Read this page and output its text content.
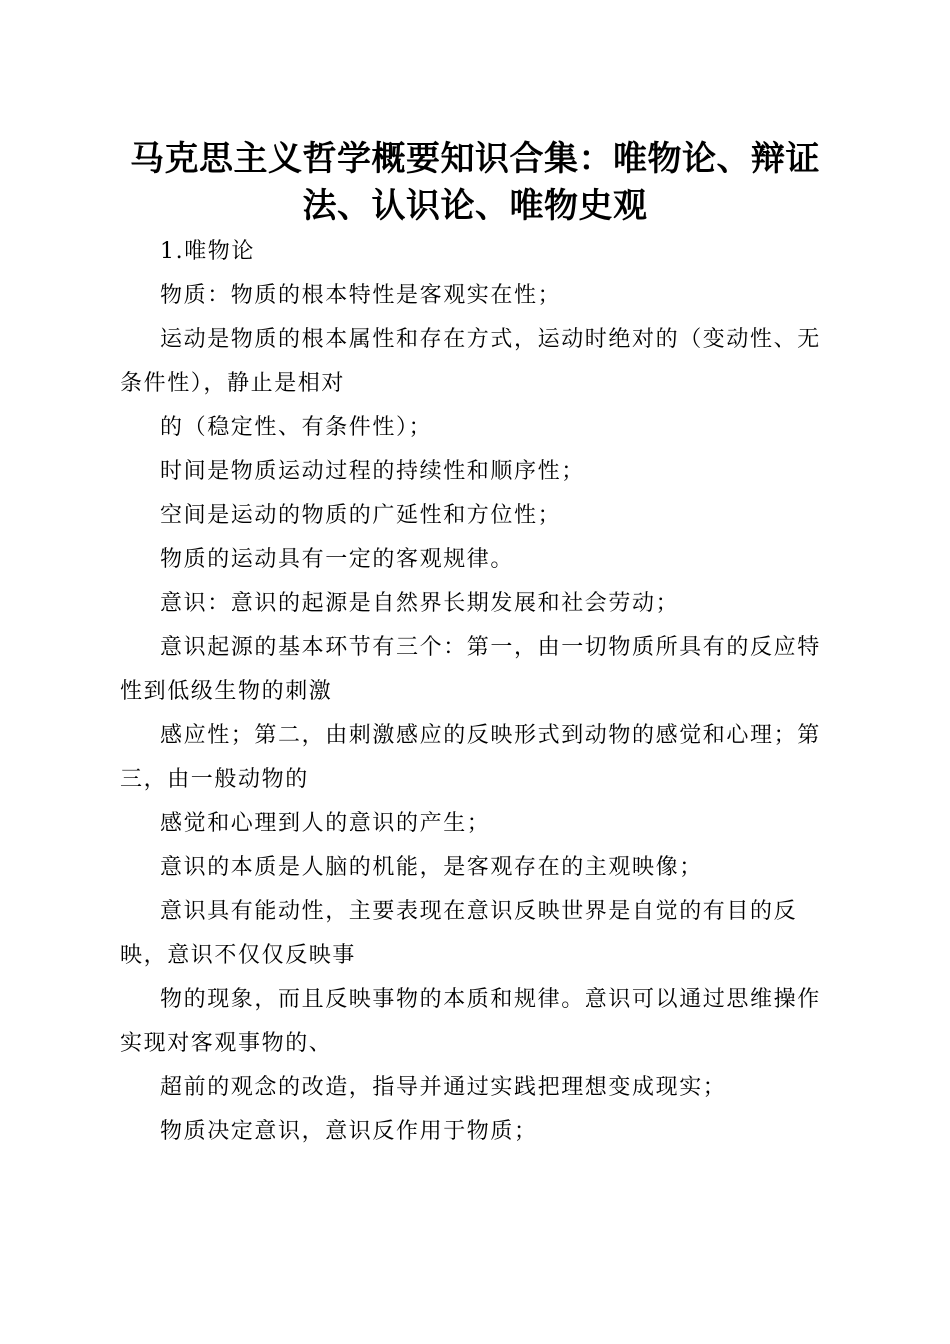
马克思主义哲学概要知识合集：唯物论、辩证法、认识论、唯物史观

1.唯物论

物质：物质的根本特性是客观实在性；

运动是物质的根本属性和存在方式，运动时绝对的（变动性、无条件性），静止是相对

的（稳定性、有条件性）；

时间是物质运动过程的持续性和顺序性；

空间是运动的物质的广延性和方位性；

物质的运动具有一定的客观规律。

意识：意识的起源是自然界长期发展和社会劳动；

意识起源的基本环节有三个：第一，由一切物质所具有的反应特性到低级生物的刺激

感应性；第二，由刺激感应的反映形式到动物的感觉和心理；第三，由一般动物的

感觉和心理到人的意识的产生；

意识的本质是人脑的机能，是客观存在的主观映像；

意识具有能动性，主要表现在意识反映世界是自觉的有目的反映，意识不仅仅反映事

物的现象，而且反映事物的本质和规律。意识可以通过思维操作实现对客观事物的、

超前的观念的改造，指导并通过实践把理想变成现实；

物质决定意识，意识反作用于物质；
